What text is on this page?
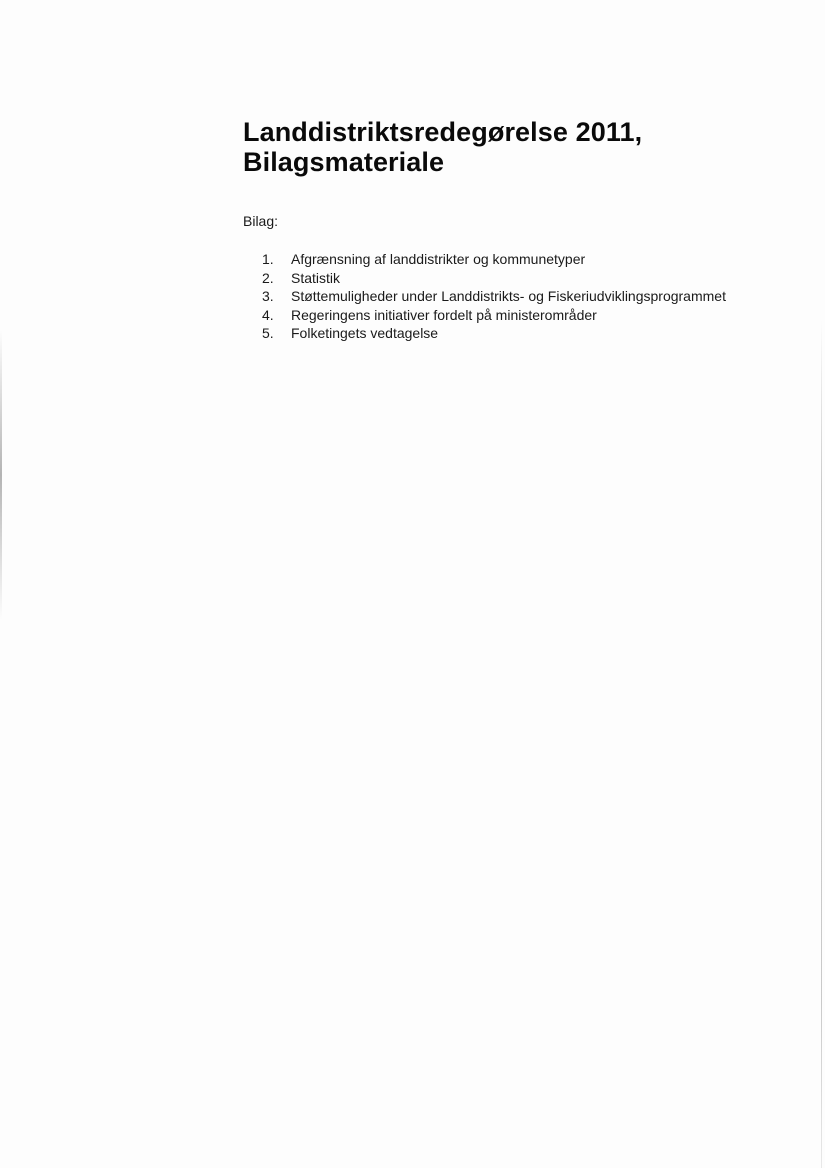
Landdistriktsredegørelse 2011,
Bilagsmateriale
Bilag:
1.	Afgrænsning af landdistrikter og kommunetyper
2.	Statistik
3.	Støttemuligheder under Landdistrikts- og Fiskeriudviklingsprogrammet
4.	Regeringens initiativer fordelt på ministerområder
5.	Folketingets vedtagelse
